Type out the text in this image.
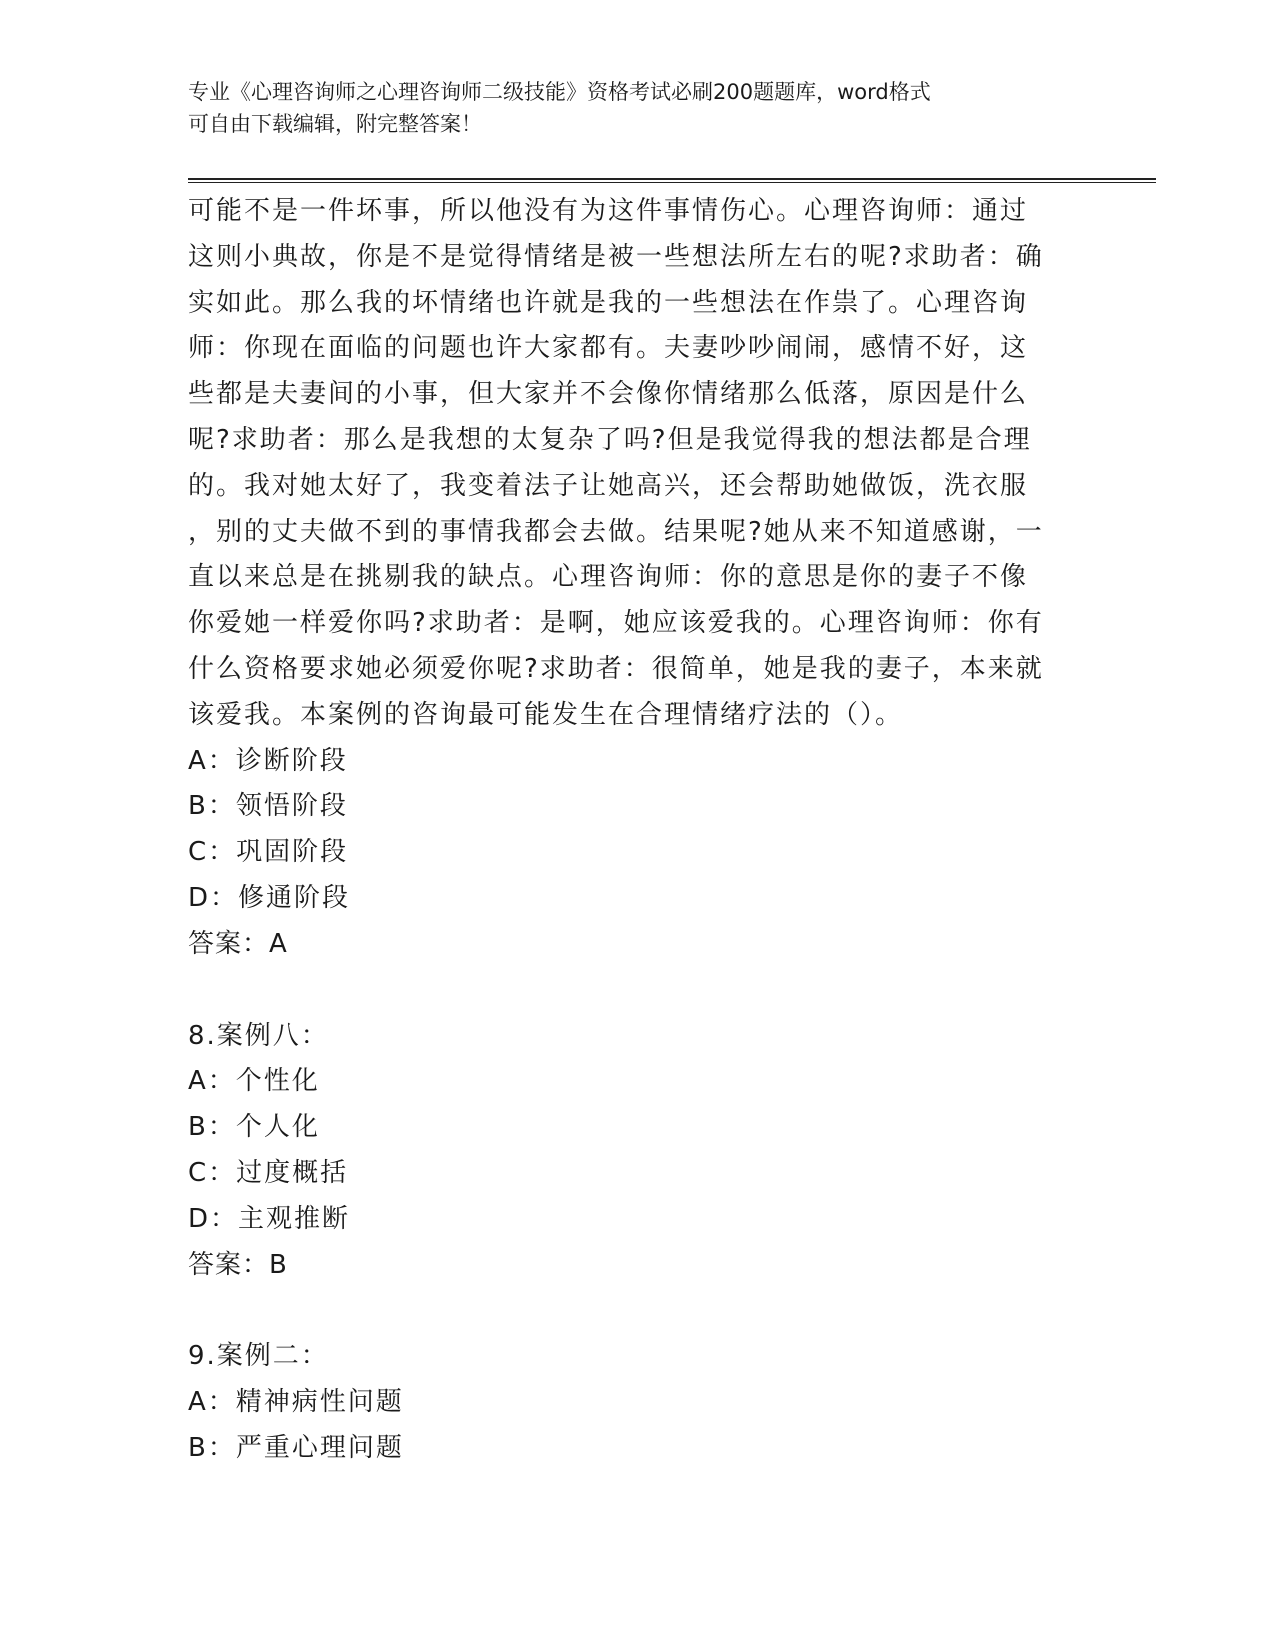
专业《心理咨询师之心理咨询师二级技能》资格考试必刷200题题库，word格式
可自由下载编辑，附完整答案！

可能不是一件坏事，所以他没有为这件事情伤心。心理咨询师：通过

这则小典故，你是不是觉得情绪是被一些想法所左右的呢?求助者：确

实如此。那么我的坏情绪也许就是我的一些想法在作祟了。心理咨询

师：你现在面临的问题也许大家都有。夫妻吵吵闹闹，感情不好，这

些都是夫妻间的小事，但大家并不会像你情绪那么低落，原因是什么

呢?求助者：那么是我想的太复杂了吗?但是我觉得我的想法都是合理

的。我对她太好了，我变着法子让她高兴，还会帮助她做饭，洗衣服

，别的丈夫做不到的事情我都会去做。结果呢?她从来不知道感谢，一

直以来总是在挑剔我的缺点。心理咨询师：你的意思是你的妻子不像

你爱她一样爱你吗?求助者：是啊，她应该爱我的。心理咨询师：你有

什么资格要求她必须爱你呢?求助者：很简单，她是我的妻子，本来就

该爱我。本案例的咨询最可能发生在合理情绪疗法的（）。

A：诊断阶段

B：领悟阶段

C：巩固阶段

D：修通阶段

答案：A

8.案例八：

A：个性化

B：个人化

C：过度概括

D：主观推断

答案：B

9.案例二：

A：精神病性问题

B：严重心理问题
